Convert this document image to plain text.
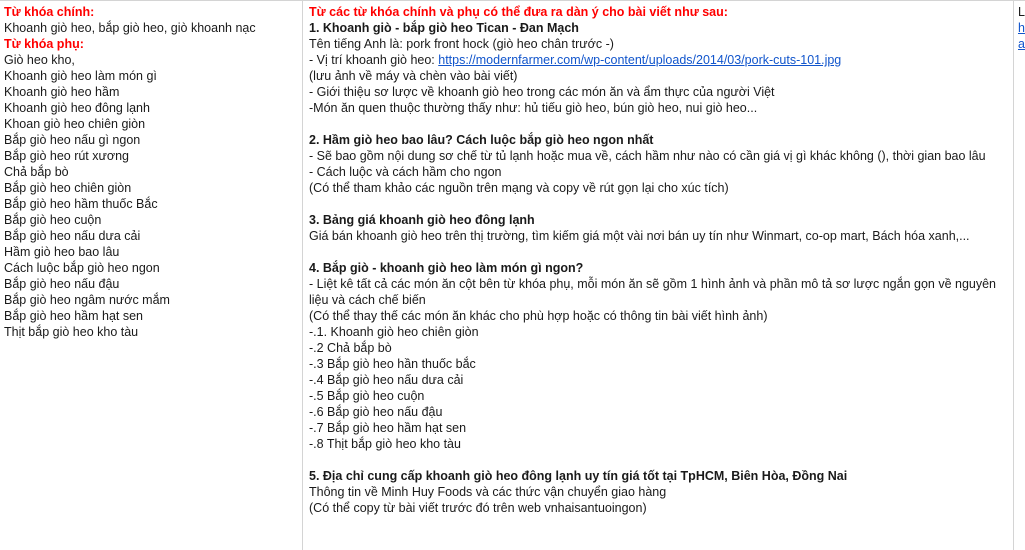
Từ khóa chính:
Khoanh giò heo, bắp giò heo, giò khoanh nạc
Từ khóa phụ:
Giò heo kho,
Khoanh giò heo làm món gì
Khoanh giò heo hầm
Khoanh giò heo đông lạnh
Khoan giò heo chiên giòn
Bắp giò heo nấu gì ngon
Bắp giò heo rút xương
Chả bắp bò
Bắp giò heo chiên giòn
Bắp giò heo hầm thuốc Bắc
Bắp giò heo cuộn
Bắp giò heo nấu dưa cải
Hầm giò heo bao lâu
Cách luộc bắp giò heo ngon
Bắp giò heo nấu đậu
Bắp giò heo ngâm nước mắm
Bắp giò heo hầm hạt sen
Thịt bắp giò heo kho tàu
Từ các từ khóa chính và phụ có thể đưa ra dàn ý cho bài viết như sau:
1. Khoanh giò - bắp giò heo Tican - Đan Mạch
Tên tiếng Anh là: pork front hock (giò heo chân trước -)
- Vị trí khoanh giò heo: https://modernfarmer.com/wp-content/uploads/2014/03/pork-cuts-101.jpg
(lưu ảnh về máy và chèn vào bài viết)
- Giới thiệu sơ lược về khoanh giò heo trong các món ăn và ẩm thực của người Việt
-Món ăn quen thuộc thường thấy như: hủ tiếu giò heo, bún giò heo, nui giò heo...
2. Hầm giò heo bao lâu? Cách luộc bắp giò heo ngon nhất
- Sẽ bao gồm nội dung sơ chế từ tủ lạnh hoặc mua về, cách hầm như nào có cần giá vị gì khác không (), thời gian bao lâu
- Cách luộc và cách hầm cho ngon
(Có thể tham khảo các nguồn trên mạng và copy về rút gọn lại cho xúc tích)
3. Bảng giá khoanh giò heo đông lạnh
Giá bán khoanh giò heo trên thị trường, tìm kiếm giá một vài nơi bán uy tín như Winmart, co-op mart, Bách hóa xanh,...
4. Bắp giò - khoanh giò heo làm món gì ngon?
- Liệt kê tất cả các món ăn cột bên từ khóa phụ, mỗi món ăn sẽ gồm 1 hình ảnh và phần mô tả sơ lược ngắn gọn về nguyên liệu và cách chế biến
(Có thể thay thế các món ăn khác cho phù hợp hoặc có thông tin bài viết hình ảnh)
-.1. Khoanh giò heo chiên giòn
-.2 Chả bắp bò
-.3 Bắp giò heo hần thuốc bắc
-.4 Bắp giò heo nấu dưa cải
-.5 Bắp giò heo cuộn
-.6 Bắp giò heo nấu đậu
-.7 Bắp giò heo hầm hạt sen
-.8 Thịt bắp giò heo kho tàu
5. Địa chỉ cung cấp khoanh giò heo đông lạnh uy tín giá tốt tại TpHCM, Biên Hòa, Đồng Nai
Thông tin về Minh Huy Foods và các thức vận chuyển giao hàng
(Có thể copy từ bài viết trước đó trên web vnhaisantuoingon)
L
h
a
